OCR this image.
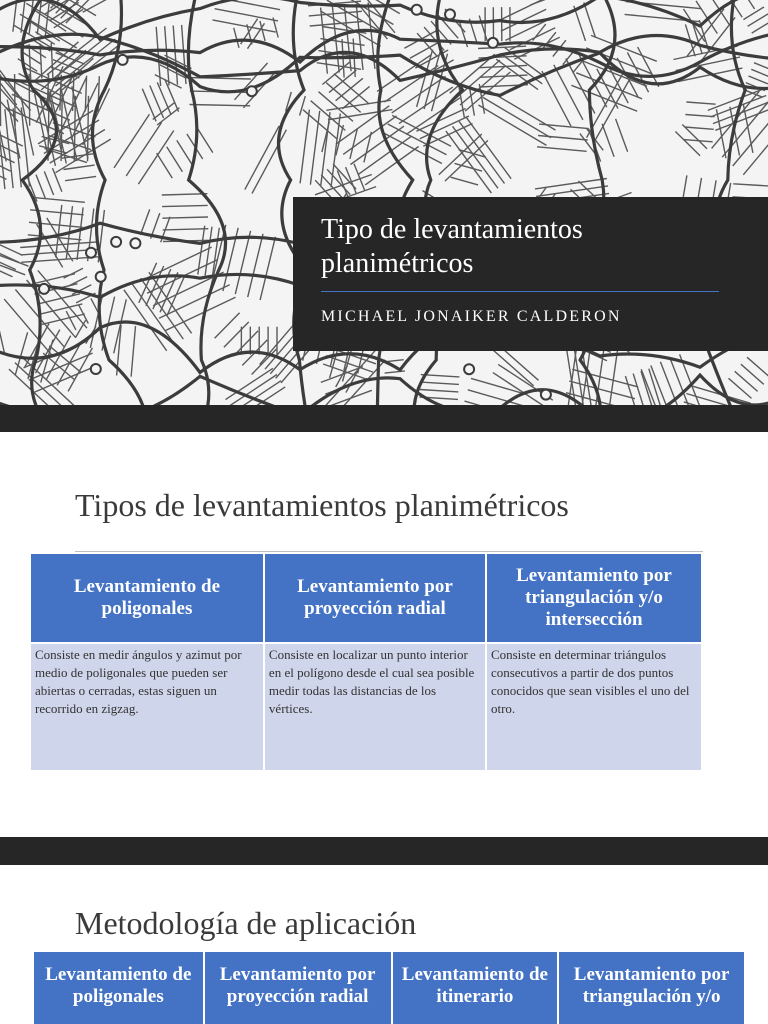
Tipo de levantamientos planimétricos
MICHAEL JONAIKER CALDERON
Tipos de levantamientos planimétricos
Levantamiento de poligonales	Levantamiento por proyección radial	Levantamiento por triangulación y/o intersección
Consiste en medir ángulos y azimut por medio de poligonales que pueden ser abiertas o cerradas, estas siguen un recorrido en zigzag.	Consiste en localizar un punto interior en el polígono desde el cual sea posible medir todas las distancias de los vértices.	Consiste en determinar triángulos consecutivos a partir de dos puntos conocidos que sean visibles el uno del otro.
Metodología de aplicación
Levantamiento de poligonales	Levantamiento por proyección radial	Levantamiento de itinerario	Levantamiento por triangulación y/o
